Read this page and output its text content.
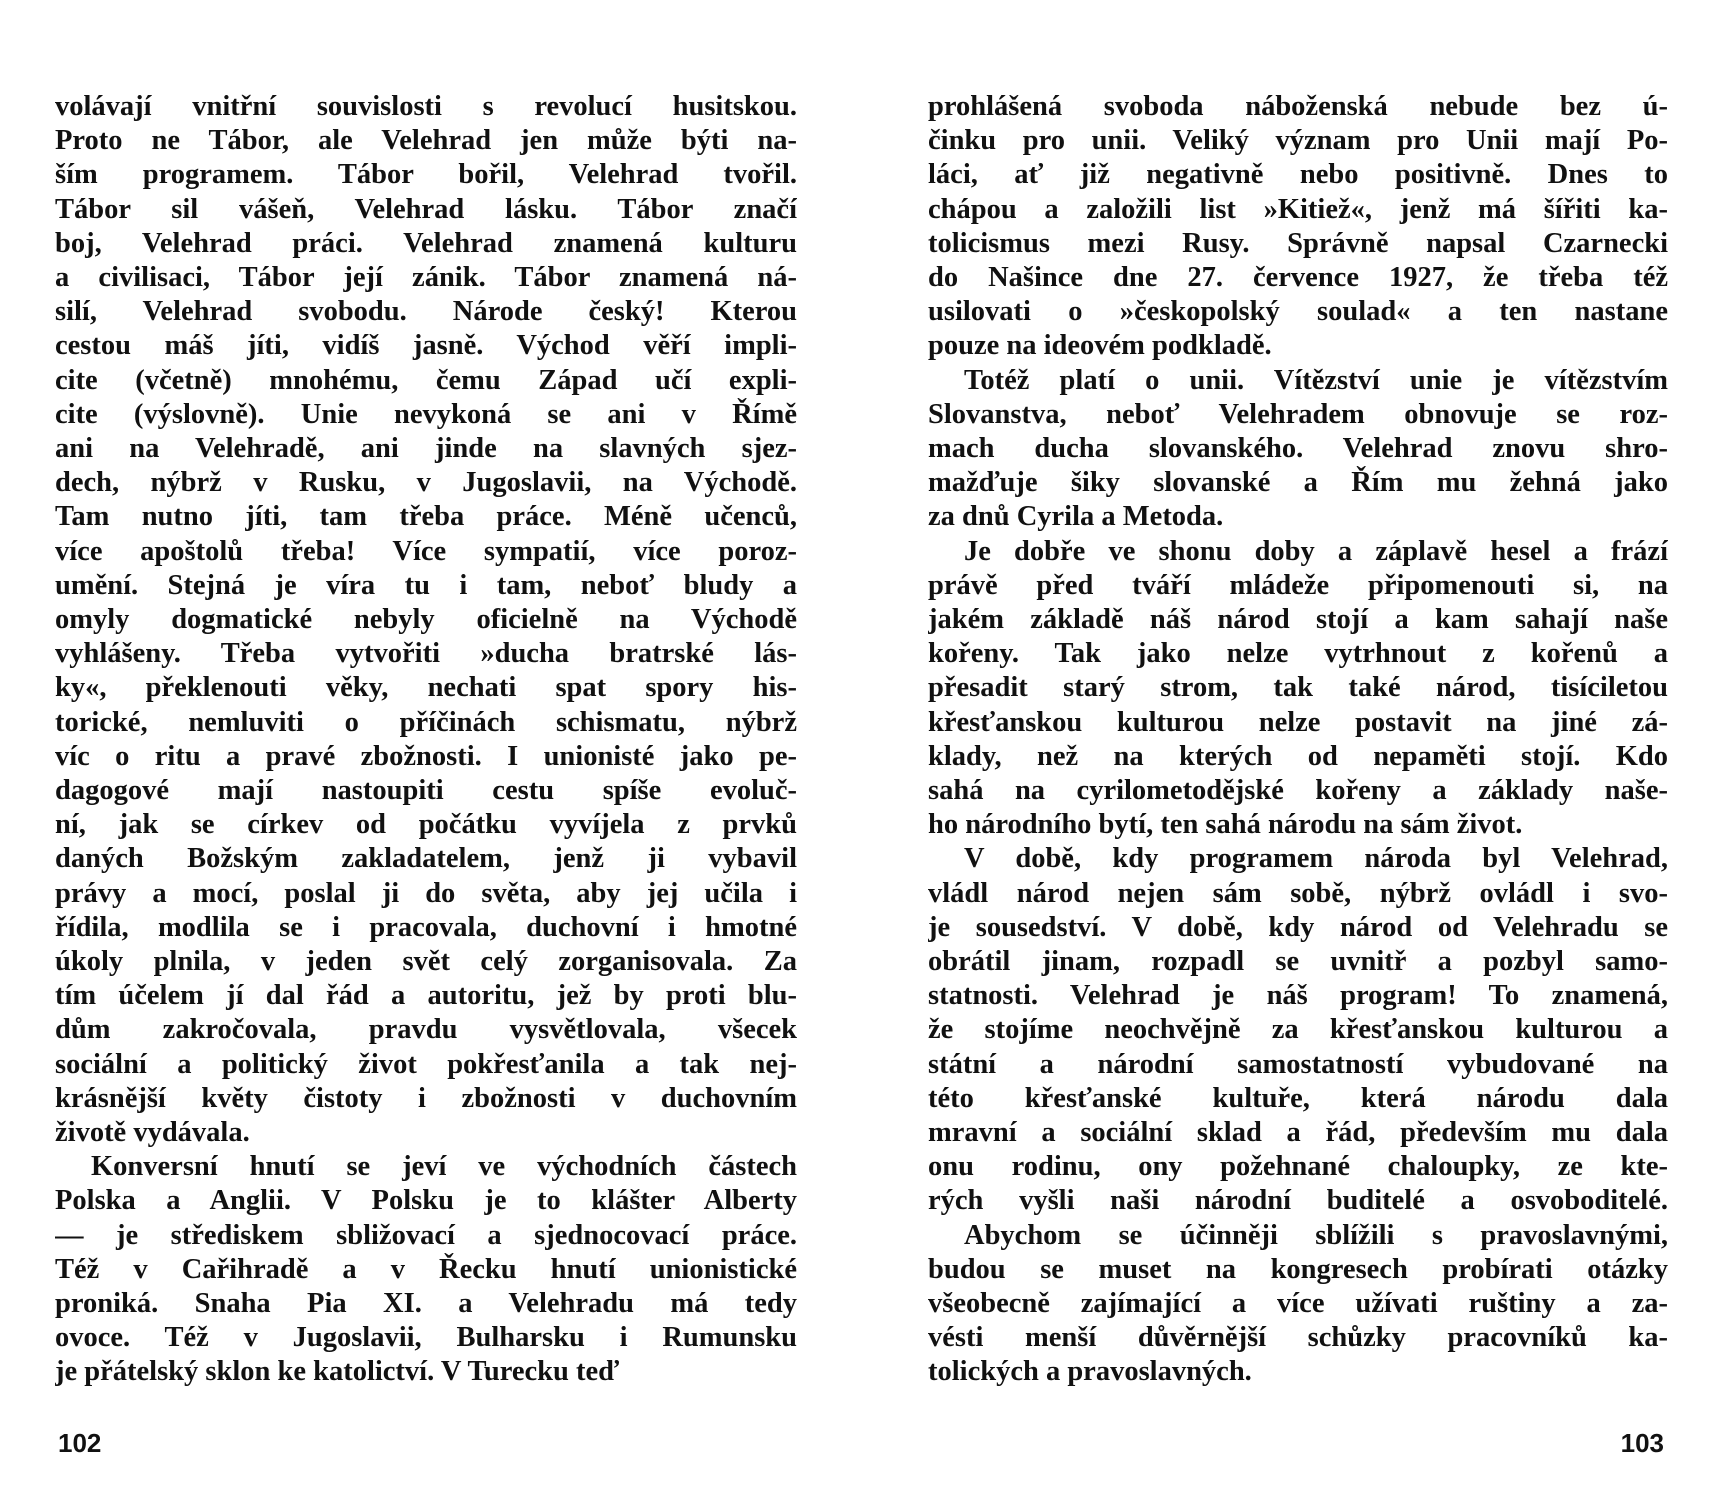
volávají vnitřní souvislosti s revolucí husitskou.
Proto ne Tábor, ale Velehrad jen může býti na-
ším programem. Tábor bořil, Velehrad tvořil.
Tábor sil vášeň, Velehrad lásku. Tábor značí
boj, Velehrad práci. Velehrad znamená kulturu
a civilisaci, Tábor její zánik. Tábor znamená ná-
silí, Velehrad svobodu. Národe český! Kterou
cestou máš jíti, vidíš jasně. Východ věří impli-
cite (včetně) mnohému, čemu Západ učí expli-
cite (výslovně). Unie nevykoná se ani v Římě
ani na Velehradě, ani jinde na slavných sjez-
dech, nýbrž v Rusku, v Jugoslavii, na Východě.
Tam nutno jíti, tam třeba práce. Méně učenců,
více apoštolů třeba! Více sympatií, více poroz-
umění. Stejná je víra tu i tam, neboť bludy a
omyly dogmatické nebyly oficielně na Východě
vyhlášeny. Třeba vytvořiti »ducha bratrské lás-
ky«, překlenouti věky, nechati spat spory his-
torické, nemluviti o příčinách schismatu, nýbrž
víc o ritu a pravé zbožnosti. I unionisté jako pe-
dagogové mají nastoupiti cestu spíše evoluč-
ní, jak se církev od počátku vyvíjela z prvků
daných Božským zakladatelem, jenž ji vybavil
právy a mocí, poslal ji do světa, aby jej učila i
řídila, modlila se i pracovala, duchovní i hmotné
úkoly plnila, v jeden svět celý zorganisovala. Za
tím účelem jí dal řád a autoritu, jež by proti blu-
dům zakročovala, pravdu vysvětlovala, všecek
sociální a politický život pokřesťanila a tak nej-
krásnější květy čistoty i zbožnosti v duchovním
životě vydávala.
Konversní hnutí se jeví ve východních částech
Polska a Anglii. V Polsku je to klášter Alberty
— je střediskem sbližovací a sjednocovací práce.
Též v Cařihradě a v Řecku hnutí unionistické
proniká. Snaha Pia XI. a Velehradu má tedy
ovoce. Též v Jugoslavii, Bulharsku i Rumunsku
je přátelský sklon ke katolictví. V Turecku teď
102
prohlášená svoboda náboženská nebude bez ú-
činku pro unii. Veliký význam pro Unii mají Po-
láci, ať již negativně nebo positivně. Dnes to
chápou a založili list »Kitiež«, jenž má šířiti ka-
tolicismus mezi Rusy. Správně napsal Czarnecki
do Našince dne 27. července 1927, že třeba též
usilovati o »českopolský soulad« a ten nastane
pouze na ideovém podkladě.
Totéž platí o unii. Vítězství unie je vítězstvím
Slovanstva, neboť Velehradem obnovuje se roz-
mach ducha slovanského. Velehrad znovu shro-
mažďuje šiky slovanské a Řím mu žehná jako
za dnů Cyrila a Metoda.
Je dobře ve shonu doby a záplavě hesel a frází
právě před tváří mládeže připomenouti si, na
jakém základě náš národ stojí a kam sahají naše
kořeny. Tak jako nelze vytrhnout z kořenů a
přesadit starý strom, tak také národ, tisíciletou
křesťanskou kulturou nelze postavit na jiné zá-
klady, než na kterých od nepaměti stojí. Kdo
sahá na cyrilometodějské kořeny a základy naše-
ho národního bytí, ten sahá národu na sám život.
V době, kdy programem národa byl Velehrad,
vládl národ nejen sám sobě, nýbrž ovládl i svo-
je sousedství. V době, kdy národ od Velehradu se
obrátil jinam, rozpadl se uvnitř a pozbyl samo-
statnosti. Velehrad je náš program! To znamená,
že stojíme neochvějně za křesťanskou kulturou a
státní a národní samostatností vybudované na
této křesťanské kultuře, která národu dala
mravní a sociální sklad a řád, především mu dala
onu rodinu, ony požehnané chaloupky, ze kte-
rých vyšli naši národní buditelé a osvoboditelé.
Abychom se účinněji sblížili s pravoslavnými,
budou se muset na kongresech probírati otázky
všeobecně zajímající a více užívati ruštiny a za-
vésti menší důvěrnější schůzky pracovníků ka-
tolických a pravoslavných.
103
